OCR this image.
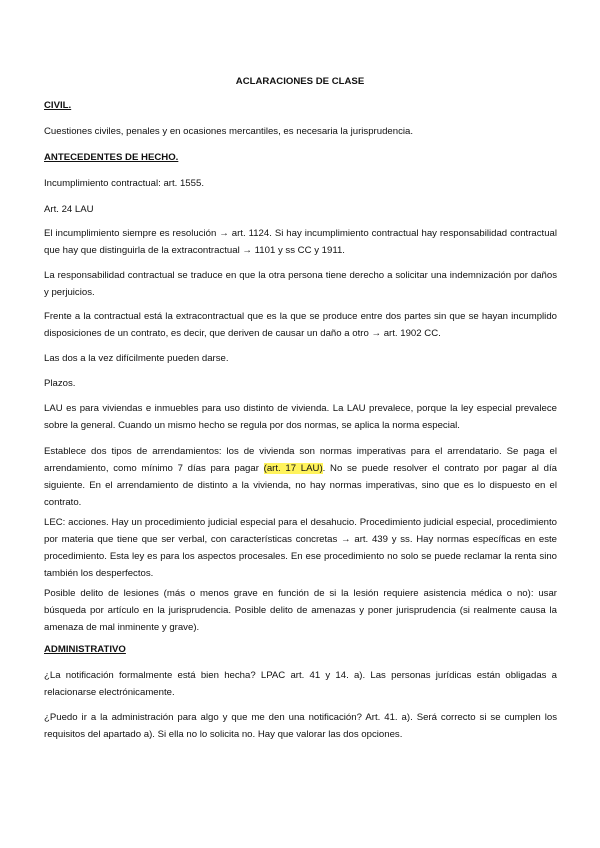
ACLARACIONES DE CLASE
CIVIL.
Cuestiones civiles, penales y en ocasiones mercantiles, es necesaria la jurisprudencia.
ANTECEDENTES DE HECHO.
Incumplimiento contractual: art. 1555.
Art. 24 LAU
El incumplimiento siempre es resolución → art. 1124. Si hay incumplimiento contractual hay responsabilidad contractual que hay que distinguirla de la extracontractual → 1101 y ss CC y 1911.
La responsabilidad contractual se traduce en que la otra persona tiene derecho a solicitar una indemnización por daños y perjuicios.
Frente a la contractual está la extracontractual que es la que se produce entre dos partes sin que se hayan incumplido disposiciones de un contrato, es decir, que deriven de causar un daño a otro → art. 1902 CC.
Las dos a la vez difícilmente pueden darse.
Plazos.
LAU es para viviendas e inmuebles para uso distinto de vivienda. La LAU prevalece, porque la ley especial prevalece sobre la general. Cuando un mismo hecho se regula por dos normas, se aplica la norma especial.
Establece dos tipos de arrendamientos: los de vivienda son normas imperativas para el arrendatario. Se paga el arrendamiento, como mínimo 7 días para pagar (art. 17 LAU). No se puede resolver el contrato por pagar al día siguiente. En el arrendamiento de distinto a la vivienda, no hay normas imperativas, sino que es lo dispuesto en el contrato.
LEC: acciones. Hay un procedimiento judicial especial para el desahucio. Procedimiento judicial especial, procedimiento por materia que tiene que ser verbal, con características concretas → art. 439 y ss. Hay normas específicas en este procedimiento. Esta ley es para los aspectos procesales. En ese procedimiento no solo se puede reclamar la renta sino también los desperfectos.
Posible delito de lesiones (más o menos grave en función de si la lesión requiere asistencia médica o no): usar búsqueda por artículo en la jurisprudencia. Posible delito de amenazas y poner jurisprudencia (si realmente causa la amenaza de mal inminente y grave).
ADMINISTRATIVO
¿La notificación formalmente está bien hecha? LPAC art. 41 y 14. a). Las personas jurídicas están obligadas a relacionarse electrónicamente.
¿Puedo ir a la administración para algo y que me den una notificación? Art. 41. a). Será correcto si se cumplen los requisitos del apartado a). Si ella no lo solicita no. Hay que valorar las dos opciones.
